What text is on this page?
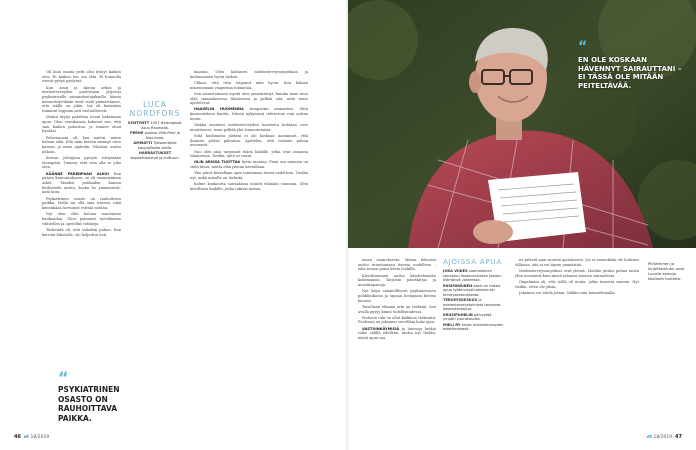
Oli kuin maata pelti olisi lyönyt kaiken ulos. Ei kaiken tuo osa tätä. Ei kunnolla voinut pysyä pystyssä.

Kun asun ja kärsin arkea ja mielenterveyden puolestaan järjestyi psykiatriselle sairaanhoitojaksolle, hänen minuuttitytökään eivät vielä ymmärtäneet, että isällä on jokin. Isä oli kuitenkin toiminut loppuun asti vastuullisesti.

Minun täytyi pakottaa itseni hakemaan apua. Olen vuosikausia kokenut sen, että sain kaiken puhuttua, ja tunnen oloni hyväksi.

Pelastumani oli, kun mietin, miten haluan elää. Elin näin kerran mennyt väen kanssa, ja usein ajattelin. Vihaisin, mutta jatkoin.

Kerran johtajana pystyin siirtymään eteenpäin. Tunnen, että voin olla se joka olen.

KÄÄNNE PARENPAAN ALKOI Kun pääsin kuntoutukseen, se oli ensimmäinen askel. Muiden potilaiden kanssa keskustelu auttoi, koska he ymmärsivät, mitä koin.

Psykiatrinen osasto on rauhoittava paikka. Siellä sai olla oma itsensä, eikä kenenkään tarvinnut esittää mitään.

Nyt olen ollut kotona muutaman kuukauden. Olen palannut työelämään vähitellen ja opetellut rutiineja.

Tärkeintä oli, että uskalsin puhua. Kun kerroin läheisille, olo helpottui heti.

LUCA
NORDFORS
SYNTYNYT 1957 Helsingissä. Asuu Raumalla.
PERHE puoliso Ville-Petri ja Alex-koira.
AMMATTI Työskentelee kaupallisella alalla.
HARRASTUKSET Vapaaehtoistyö ja kulttuuri.
“
PSYKIATRINEN OSASTO ON RAUHOITTAVA PAIKKA.

maassa. Olen kaltaisen mielenterveysongelman ja kohtaamisen hyvin tärkeä.

Ukkon, että olen toipunut näin hyvin. Kun haluan nimenomaan vaaputtaa toimintaa.

Sen sairastumisen myötä olen ymmärtänyt, kuinka moni muu elää samanlaisessa tilanteessa ja pelkää sitä, mitä muut ajattelevat.

HAAVELIN HUOMENNA terapeutin ammattiin. Siitä kuntoutuksen kautta. Näissä nykyisissä tehtävissä voin auttaa muita.

Vaikka asenteet mielenterveyden haasteita kohtaan ovat muuttuneet, moni pelkää yhä leimautumista.

Siitä huolimatta järkeni ei ole koskaan maininnut, että ihmisen pitäisi piiloutua. Ajattelen, että voimme puhua avoimesti.

Nuo olen aina tarjonnut tukea kaikille, jotka ovat samassa tilanteessa. Tiedän, mitä se vaatii.

OLIN ARISSA TUOTTAA hyvin montaa. Pieni osa minusta on vielä tässä, mutta elän päivän kerrallaan.

Yksi päivä kerrallaan opin tuntemaan itseni uudelleen. Tiedän nyt, mikä minulle on tärkeää.

Kolme kuukautta sairaalassa muutti elämäni suunnan. Olen kiitollinen kaikille, jotka tukivat minua.

46 et 18/2019
“
EN OLE KOSKAAN HÄVENNYT SAIRAUTTANI – EI TÄSSÄ OLE MITÄÄN PEITELTÄVÄÄ.

maan mainoksesta. Minun kehonsa auttoi tutustumaan itseeni uudelleen – joka toinen päivä kävin lenkillä.

Kirjoittaminen auttoi käsittelemään kokemuksia. Kirjoitin päiväkirjaa ja muistiinpanoja.

Nyt käyn säännöllisesti psykiatrisessa poliklinikassa ja tapaan hoitajaani kerran kuussa.

Tavallisen elämän arki on tärkeää. Sen avulla pysyy kiinni todellisuudessa.

Perheen tuki on ollut kaikkein tärkeintä. Puolisoni on jaksanut vierelläni koko ajan.

VASTOINKÄYMISIÄ ja huonoja hetkiä tulee välillä edelleen, mutta nyt tiedän, mistä apua saa.

AJOISSA APUA
JOKA VIIDES suomalainen sairastuu masennukseen jossain elämänsä vaiheessa.
ENSIMMÄINEN askel on hakea apua työterveyshuollosta tai terveyskeskuksesta.
TERVEYSKESKUS ja mielenterveystoimisto tarjoavat keskusteluapua.
KRIISIPUHELIN päivystää ympäri vuorokauden.
MIELI RY tukee mielenterveyden edistämisessä.

ne pitävät ajan syvästä ajatuksesta. Jos ei ennenkään ole kokenut tällaista, sitä ei voi täysin ymmärtää.

Mielenterveysongelmat ovat yleisiä. Meidän pitäisi puhua niistä yhtä avoimesti kuin mistä tahansa muusta sairaudesta.

Ongelmani oli, että teillä oli muita, jotka tunsivat samoin. Nyt tiedän, etten ole yksin.

Jokainen voi tehdä jotain. Vaikka vain kuuntelemalla.

Piirtäminen ja kirjoittaminen ovat Lucalle keinoja käsitellä tunteita.
et 18/2019 47
